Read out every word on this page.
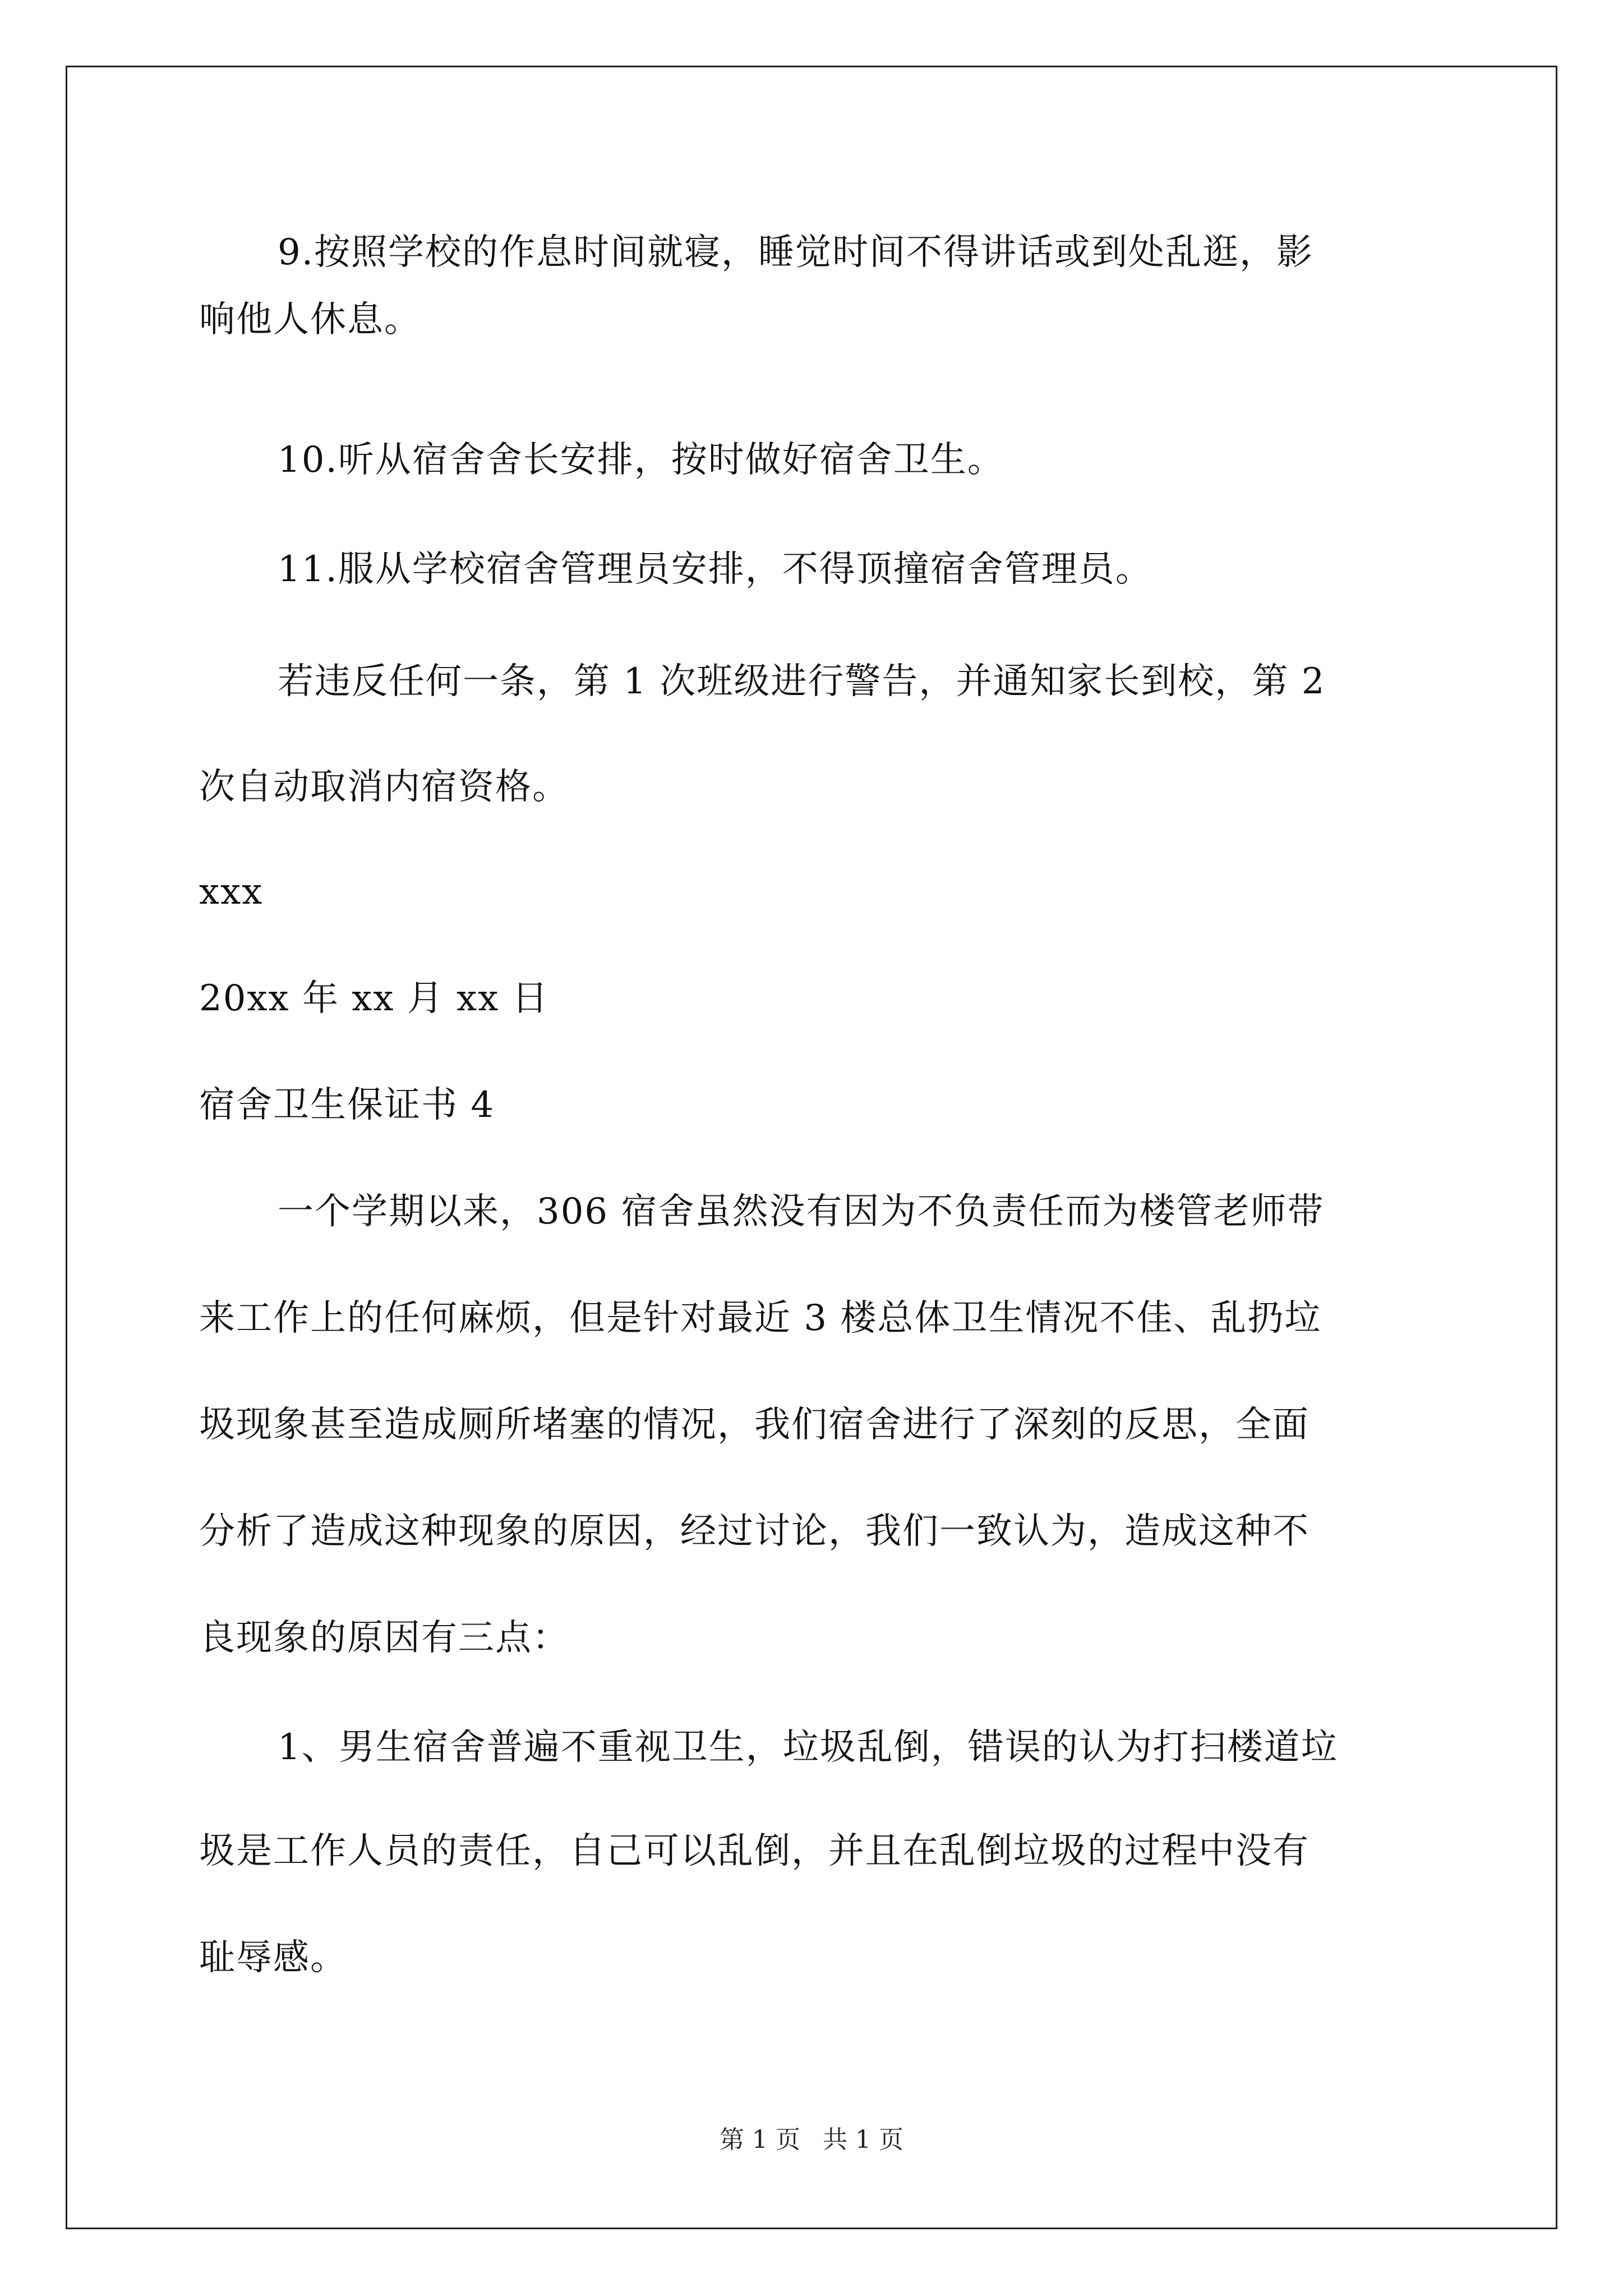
9.按照学校的作息时间就寝，睡觉时间不得讲话或到处乱逛，影
响他人休息。
10.听从宿舍舍长安排，按时做好宿舍卫生。
11.服从学校宿舍管理员安排，不得顶撞宿舍管理员。
若违反任何一条，第 1 次班级进行警告，并通知家长到校，第 2
次自动取消内宿资格。
xxx
20xx 年 xx 月 xx 日
宿舍卫生保证书 4
一个学期以来，306 宿舍虽然没有因为不负责任而为楼管老师带
来工作上的任何麻烦，但是针对最近 3 楼总体卫生情况不佳、乱扔垃
圾现象甚至造成厕所堵塞的情况，我们宿舍进行了深刻的反思，全面
分析了造成这种现象的原因，经过讨论，我们一致认为，造成这种不
良现象的原因有三点：
1、男生宿舍普遍不重视卫生，垃圾乱倒，错误的认为打扫楼道垃
圾是工作人员的责任，自己可以乱倒，并且在乱倒垃圾的过程中没有
耻辱感。
第 1 页 共 1 页
